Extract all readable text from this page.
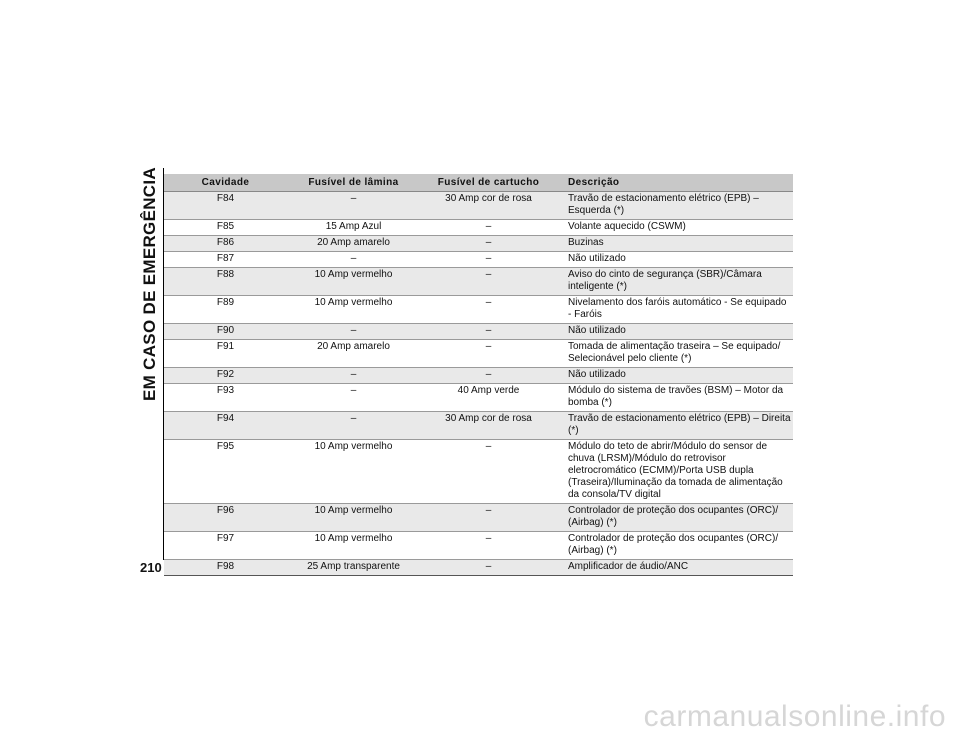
EM CASO DE EMERGÊNCIA
210
Cavidade	Fusível de lâmina	Fusível de cartucho	Descrição
F84	–	30 Amp cor de rosa	Travão de estacionamento elétrico (EPB) – Esquerda (*)
F85	15 Amp Azul	–	Volante aquecido (CSWM)
F86	20 Amp amarelo	–	Buzinas
F87	–	–	Não utilizado
F88	10 Amp vermelho	–	Aviso do cinto de segurança (SBR)/Câmara inteligente (*)
F89	10 Amp vermelho	–	Nivelamento dos faróis automático - Se equipado - Faróis
F90	–	–	Não utilizado
F91	20 Amp amarelo	–	Tomada de alimentação traseira – Se equipado/ Selecionável pelo cliente (*)
F92	–	–	Não utilizado
F93	–	40 Amp verde	Módulo do sistema de travões (BSM) – Motor da bomba (*)
F94	–	30 Amp cor de rosa	Travão de estacionamento elétrico (EPB) – Direita (*)
F95	10 Amp vermelho	–	Módulo do teto de abrir/Módulo do sensor de chuva (LRSM)/Módulo do retrovisor eletrocromático (ECMM)/Porta USB dupla (Traseira)/Iluminação da tomada de alimentação da consola/TV digital
F96	10 Amp vermelho	–	Controlador de proteção dos ocupantes (ORC)/ (Airbag) (*)
F97	10 Amp vermelho	–	Controlador de proteção dos ocupantes (ORC)/ (Airbag) (*)
F98	25 Amp transparente	–	Amplificador de áudio/ANC
carmanualsonline.info
